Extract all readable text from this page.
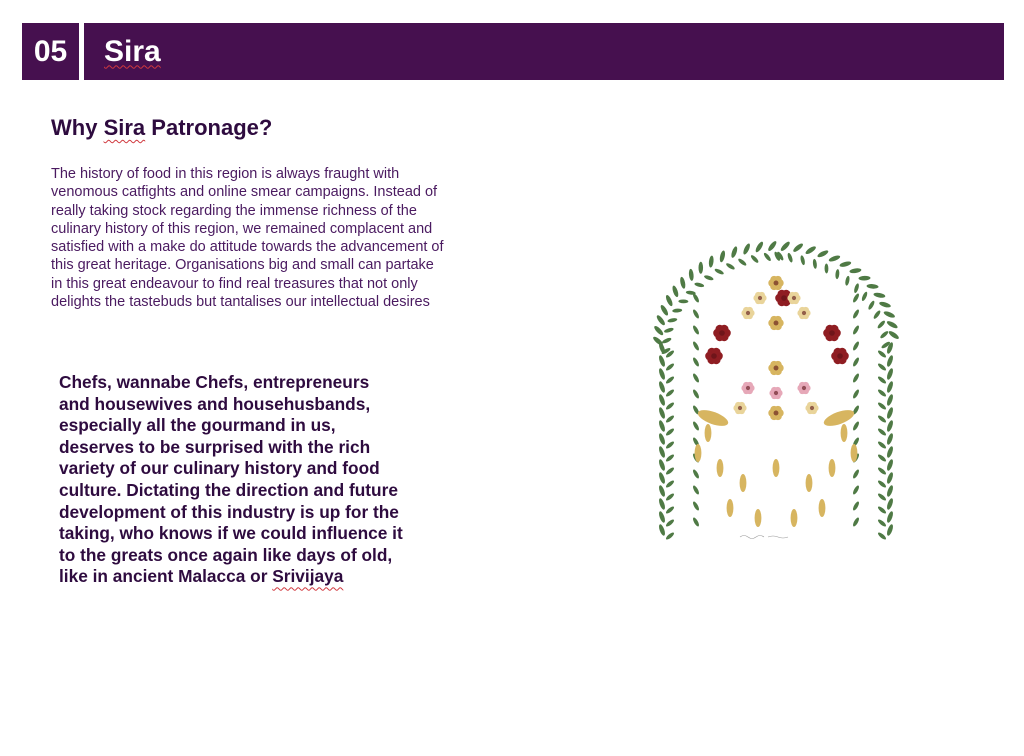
05	Sira
Why Sira Patronage?

The history of food in this region is always fraught with venomous catfights and online smear campaigns. Instead of really taking stock regarding the immense richness of the culinary history of this region, we remained complacent and satisfied with a make do attitude towards the advancement of this great heritage. Organisations big and small can partake in this great endeavour to find real treasures that not only delights the tastebuds but tantalises our intellectual desires

Chefs, wannabe Chefs, entrepreneurs and housewives and househusbands, especially all the gourmand in us, deserves to be surprised with the rich variety of our culinary history and food culture. Dictating the direction and future development of this industry is up for the taking, who knows if we could influence it to the greats once again like days of old, like in ancient Malacca or Srivijaya
